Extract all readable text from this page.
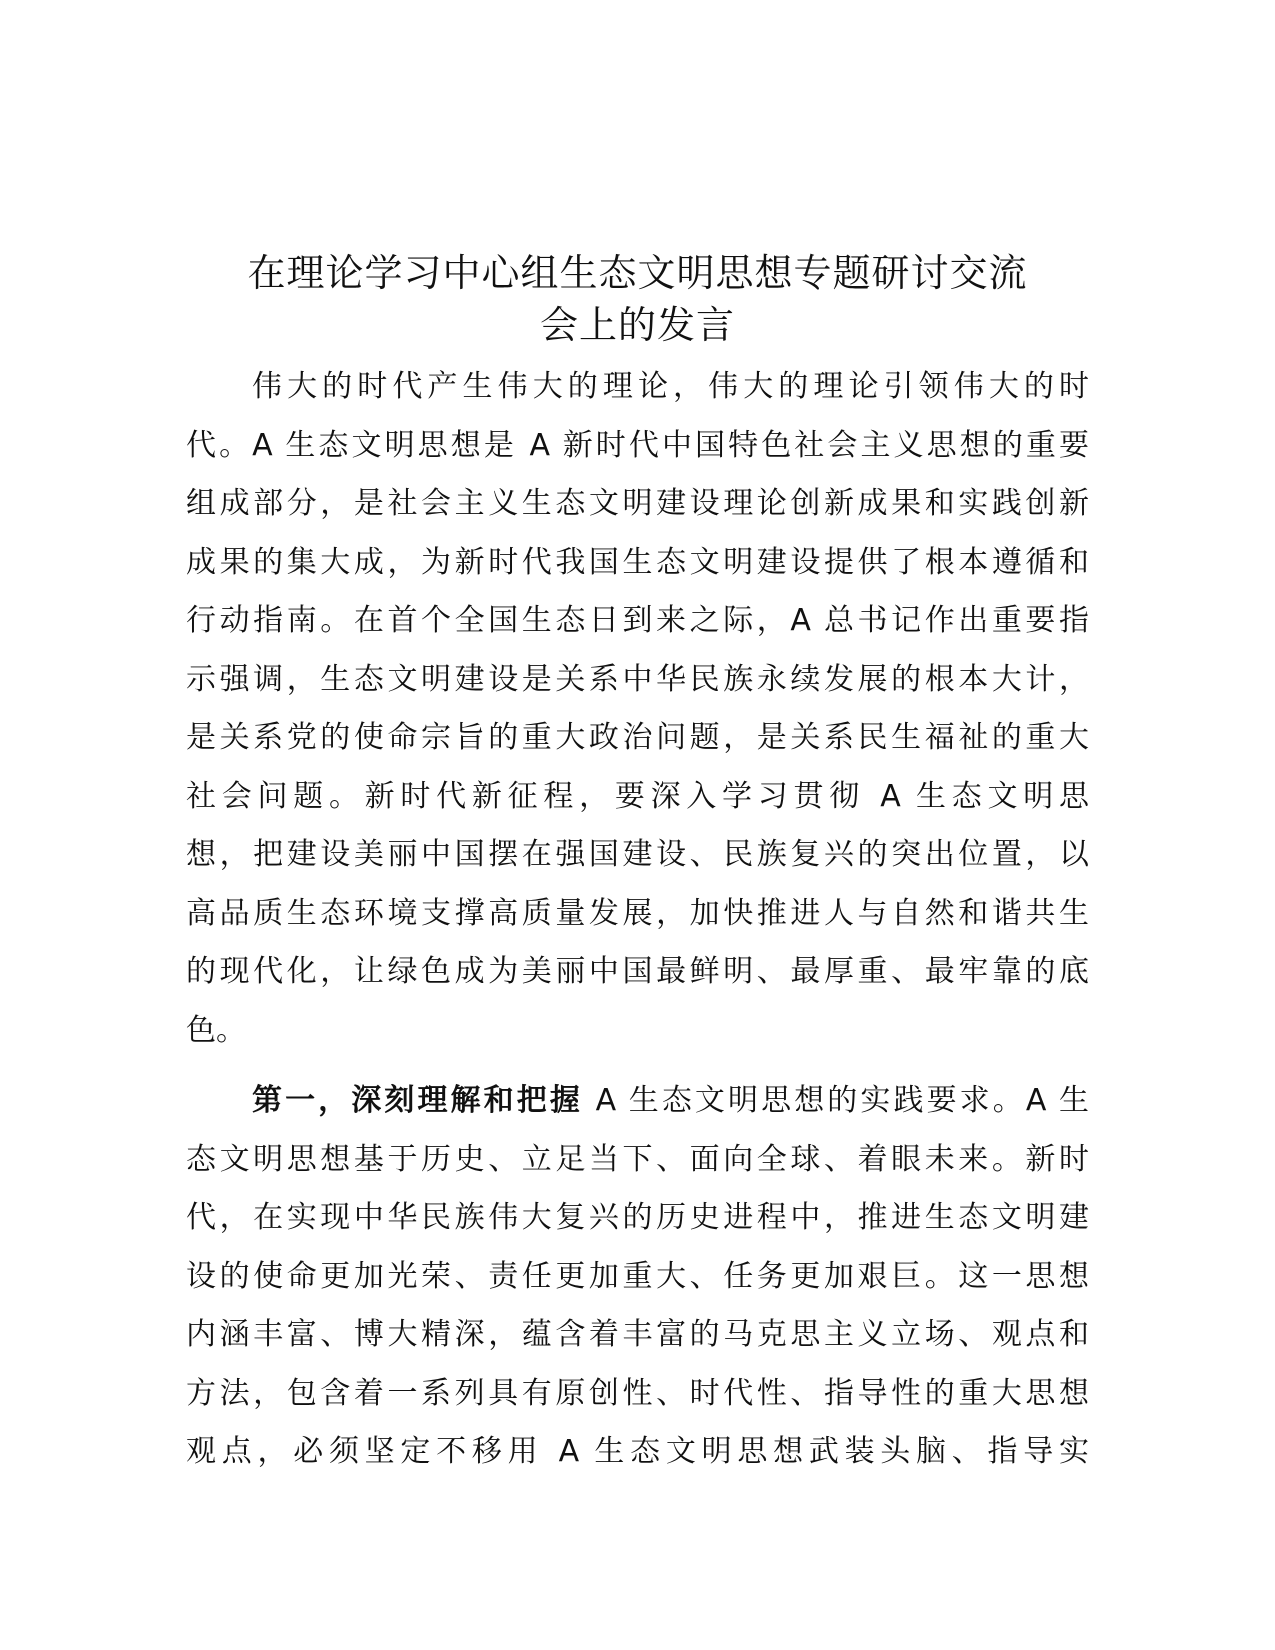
在理论学习中心组生态文明思想专题研讨交流
会上的发言
伟大的时代产生伟大的理论，伟大的理论引领伟大的时
代。A 生态文明思想是 A 新时代中国特色社会主义思想的重要
组成部分，是社会主义生态文明建设理论创新成果和实践创新
成果的集大成，为新时代我国生态文明建设提供了根本遵循和
行动指南。在首个全国生态日到来之际，A 总书记作出重要指
示强调，生态文明建设是关系中华民族永续发展的根本大计，
是关系党的使命宗旨的重大政治问题，是关系民生福祉的重大
社会问题。新时代新征程，要深入学习贯彻 A 生态文明思
想，把建设美丽中国摆在强国建设、民族复兴的突出位置，以
高品质生态环境支撑高质量发展，加快推进人与自然和谐共生
的现代化，让绿色成为美丽中国最鲜明、最厚重、最牢靠的底
色。
第一，深刻理解和把握 A 生态文明思想的实践要求。A 生
态文明思想基于历史、立足当下、面向全球、着眼未来。新时
代，在实现中华民族伟大复兴的历史进程中，推进生态文明建
设的使命更加光荣、责任更加重大、任务更加艰巨。这一思想
内涵丰富、博大精深，蕴含着丰富的马克思主义立场、观点和
方法，包含着一系列具有原创性、时代性、指导性的重大思想
观点，必须坚定不移用 A 生态文明思想武装头脑、指导实
